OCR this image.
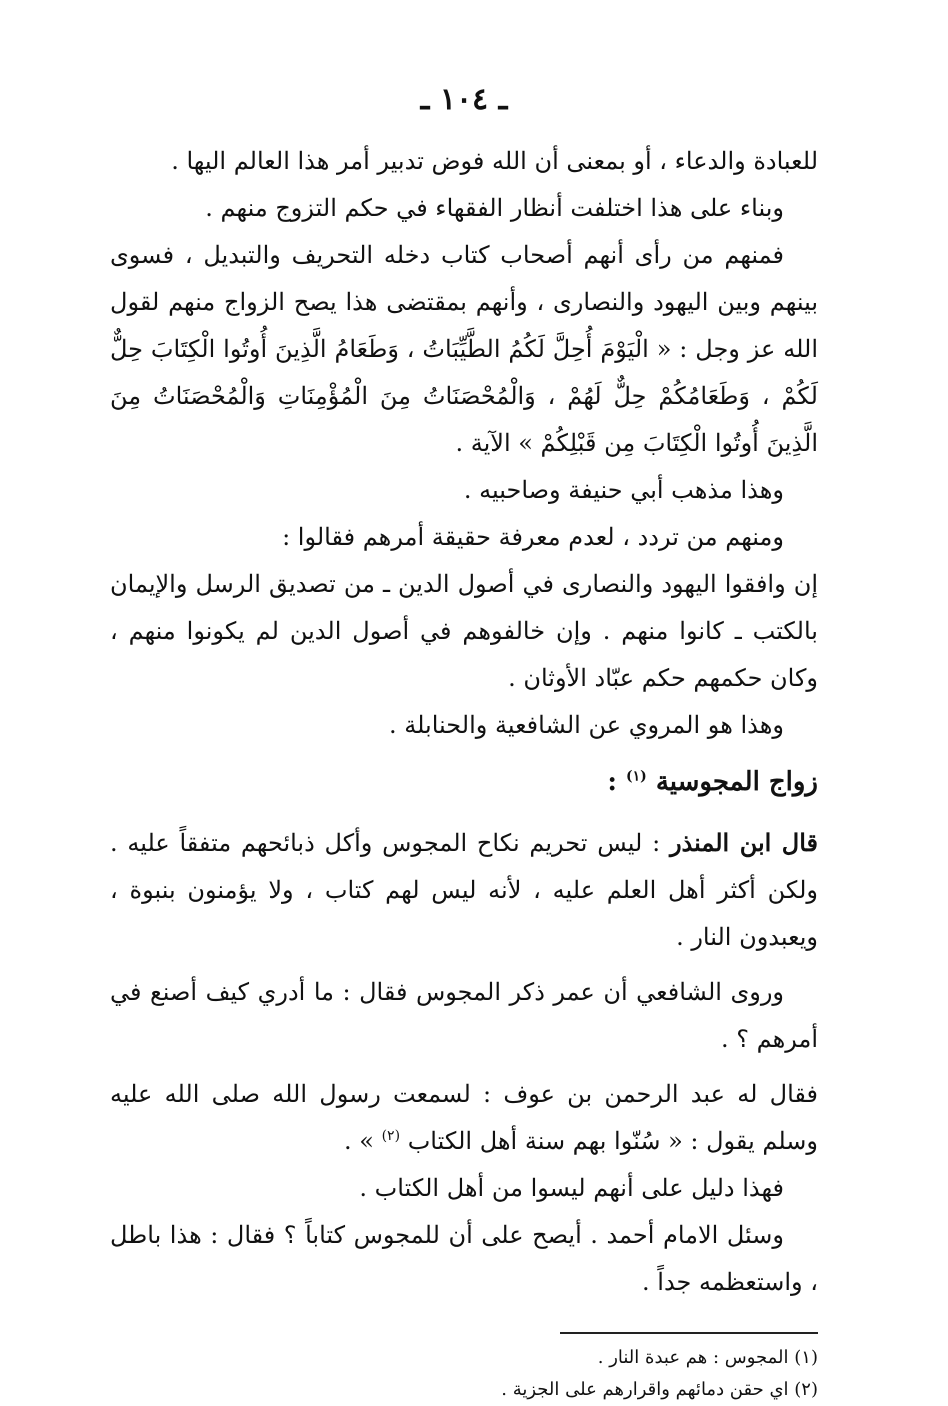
ـ ١٠٤ ـ

للعبادة والدعاء ، أو بمعنى أن الله فوض تدبير أمر هذا العالم اليها .

وبناء على هذا اختلفت أنظار الفقهاء في حكم التزوج منهم .

فمنهم من رأى أنهم أصحاب كتاب دخله التحريف والتبديل ، فسوى بينهم وبين اليهود والنصارى ، وأنهم بمقتضى هذا يصح الزواج منهم لقول الله عز وجل : « الْيَوْمَ أُحِلَّ لَكُمُ الطَّيِّبَاتُ ، وَطَعَامُ الَّذِينَ أُوتُوا الْكِتَابَ حِلٌّ لَكُمْ ، وَطَعَامُكُمْ حِلٌّ لَهُمْ ، وَالْمُحْصَنَاتُ مِنَ الْمُؤْمِنَاتِ وَالْمُحْصَنَاتُ مِنَ الَّذِينَ أُوتُوا الْكِتَابَ مِن قَبْلِكُمْ » الآية .

وهذا مذهب أبي حنيفة وصاحبيه .

ومنهم من تردد ، لعدم معرفة حقيقة أمرهم فقالوا :

إن وافقوا اليهود والنصارى في أصول الدين ـ من تصديق الرسل والإيمان بالكتب ـ كانوا منهم . وإن خالفوهم في أصول الدين لم يكونوا منهم ، وكان حكمهم حكم عبّاد الأوثان .

وهذا هو المروي عن الشافعية والحنابلة .

زواج المجوسية $^{(١)}$ :

قال ابن المنذر : ليس تحريم نكاح المجوس وأكل ذبائحهم متفقاً عليه . ولكن أكثر أهل العلم عليه ، لأنه ليس لهم كتاب ، ولا يؤمنون بنبوة ، ويعبدون النار .

وروى الشافعي أن عمر ذكر المجوس فقال : ما أدري كيف أصنع في أمرهم ؟ .

فقال له عبد الرحمن بن عوف : لسمعت رسول الله صلى الله عليه وسلم يقول : « سُنّوا بهم سنة أهل الكتاب $^{(٢)}$ » .

فهذا دليل على أنهم ليسوا من أهل الكتاب .

وسئل الامام أحمد . أيصح على أن للمجوس كتاباً ؟ فقال : هذا باطل ، واستعظمه جداً .

(١) المجوس : هم عبدة النار .
(٢) اي حقن دمائهم واقرارهم على الجزية .
